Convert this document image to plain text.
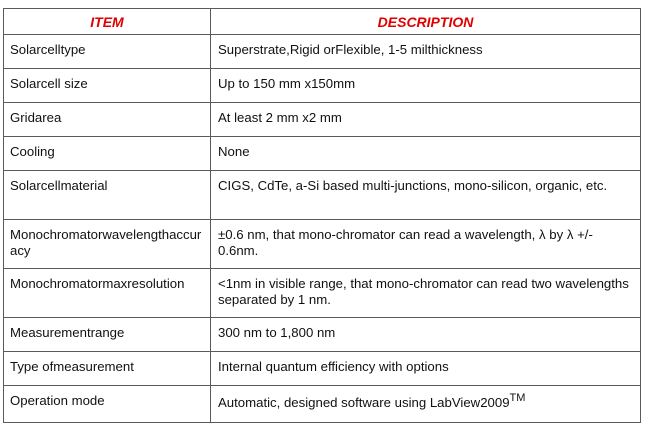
ITEM	DESCRIPTION
Solarcelltype	Superstrate,Rigid orFlexible, 1-5 milthickness
Solarcell size	Up to 150 mm x150mm
Gridarea	At least 2 mm x2 mm
Cooling	None
Solarcellmaterial	CIGS, CdTe, a-Si based multi-junctions, mono-silicon, organic, etc.
Monochromatorwavelengthaccuracy	±0.6 nm, that mono-chromator can read a wavelength, λ by λ +/- 0.6nm.
Monochromatormaxresolution	<1nm in visible range, that mono-chromator can read two wavelengths separated by 1 nm.
Measurementrange	300 nm to 1,800 nm
Type ofmeasurement	Internal quantum efficiency with options
Operation mode	Automatic, designed software using LabView2009™
